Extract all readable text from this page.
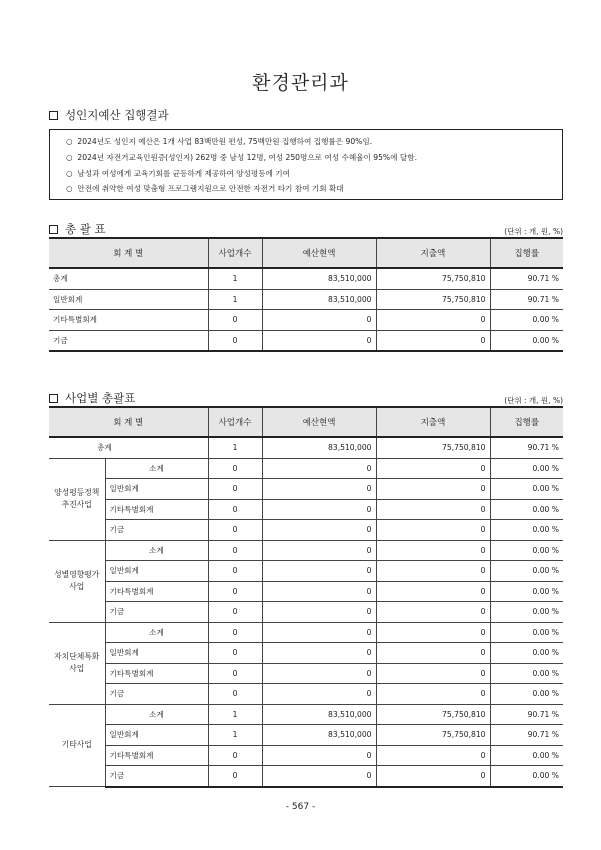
환경관리과
성인지예산 집행결과
○ 2024년도 성인지 예산은 1개 사업 83백만원 편성, 75백만원 집행하여 집행률은 90%임.
○ 2024년 자전거교육인원증(성인지) 262명 중 남성 12명, 여성 250명으로 여성 수혜율이 95%에 달함.
○ 남성과 여성에게 교육기회를 균등하게 제공하여 양성평등에 기여
○ 안전에 취약한 여성 맞춤형 프로그램지원으로 안전한 자전거 타기 참여 기회 확대
총 괄 표	(단위 : 개, 원, %)
회 계 별	사업개수	예산현액	지출액	집행률
총계	1	83,510,000	75,750,810	90.71 %
일반회계	1	83,510,000	75,750,810	90.71 %
기타특별회계	0	0	0	0.00 %
기금	0	0	0	0.00 %
사업별 총괄표	(단위 : 개, 원, %)
회 계 별		사업개수	예산현액	지출액	집행률
총계		1	83,510,000	75,750,810	90.71 %
양성평등정책 추진사업	소계	0	0	0	0.00 %
	일반회계	0	0	0	0.00 %
	기타특별회계	0	0	0	0.00 %
	기금	0	0	0	0.00 %
성별영향평가 사업	소계	0	0	0	0.00 %
	일반회계	0	0	0	0.00 %
	기타특별회계	0	0	0	0.00 %
	기금	0	0	0	0.00 %
자치단체특화 사업	소계	0	0	0	0.00 %
	일반회계	0	0	0	0.00 %
	기타특별회계	0	0	0	0.00 %
	기금	0	0	0	0.00 %
기타사업	소계	1	83,510,000	75,750,810	90.71 %
	일반회계	1	83,510,000	75,750,810	90.71 %
	기타특별회계	0	0	0	0.00 %
	기금	0	0	0	0.00 %
- 567 -
